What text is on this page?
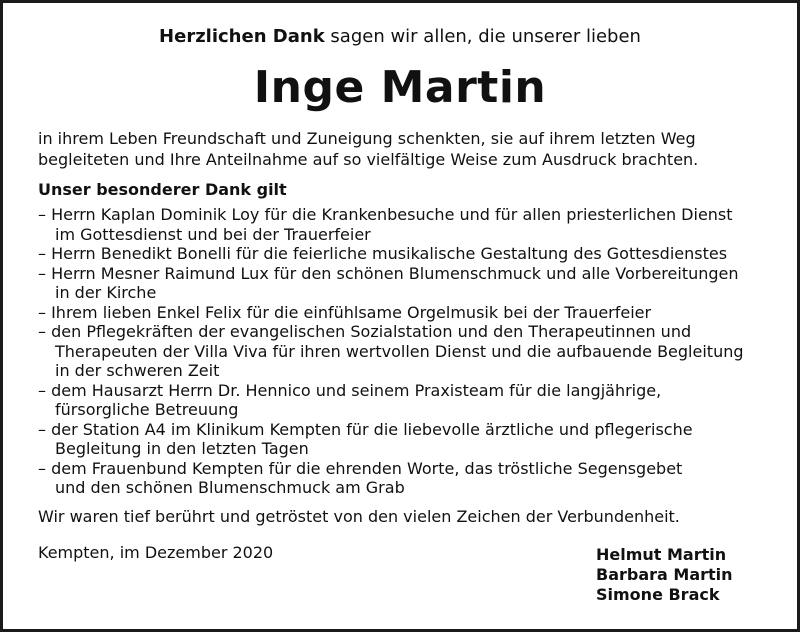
Herzlichen Dank sagen wir allen, die unserer lieben
Inge Martin

in ihrem Leben Freundschaft und Zuneigung schenkten, sie auf ihrem letzten Weg

begleiteten und Ihre Anteilnahme auf so vielfältige Weise zum Ausdruck brachten.

Unser besonderer Dank gilt
– Herrn Kaplan Dominik Loy für die Krankenbesuche und für allen priesterlichen Dienst
im Gottesdienst und bei der Trauerfeier
– Herrn Benedikt Bonelli für die feierliche musikalische Gestaltung des Gottesdienstes
– Herrn Mesner Raimund Lux für den schönen Blumenschmuck und alle Vorbereitungen
in der Kirche
– Ihrem lieben Enkel Felix für die einfühlsame Orgelmusik bei der Trauerfeier
– den Pflegekräften der evangelischen Sozialstation und den Therapeutinnen und
Therapeuten der Villa Viva für ihren wertvollen Dienst und die aufbauende Begleitung
in der schweren Zeit
– dem Hausarzt Herrn Dr. Hennico und seinem Praxisteam für die langjährige,
fürsorgliche Betreuung
– der Station A4 im Klinikum Kempten für die liebevolle ärztliche und pflegerische
Begleitung in den letzten Tagen
– dem Frauenbund Kempten für die ehrenden Worte, das tröstliche Segensgebet
und den schönen Blumenschmuck am Grab
Wir waren tief berührt und getröstet von den vielen Zeichen der Verbundenheit.
Kempten, im Dezember 2020	Helmut Martin
Barbara Martin
Simone Brack
